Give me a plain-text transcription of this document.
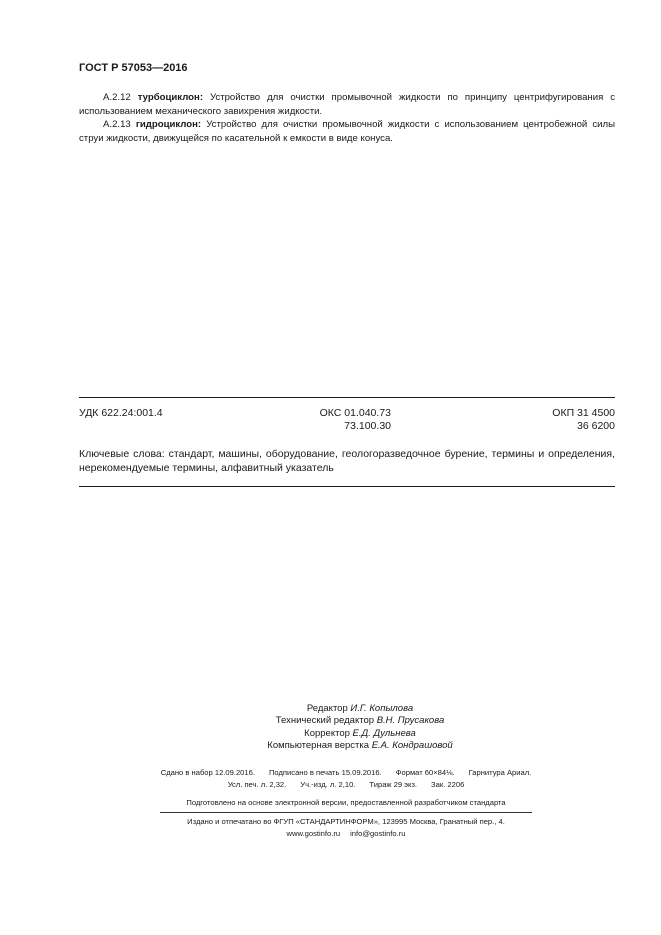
ГОСТ Р 57053—2016
А.2.12 турбоциклон: Устройство для очистки промывочной жидкости по принципу центрифугирования с использованием механического завихрения жидкости.
А.2.13 гидроциклон: Устройство для очистки промывочной жидкости с использованием центробежной силы струи жидкости, движущейся по касательной к емкости в виде конуса.
УДК 622.24:001.4	ОКС 01.040.73
73.100.30
ОКП 31 4500
36 6200
Ключевые слова: стандарт, машины, оборудование, геологоразведочное бурение, термины и определения, нерекомендуемые термины, алфавитный указатель
Редактор И.Г. Копылова
Технический редактор В.Н. Прусакова
Корректор Е.Д. Дульнева
Компьютерная верстка Е.А. Кондрашовой
Сдано в набор 12.09.2016. Подписано в печать 15.09.2016. Формат 60×84⅛. Гарнитура Ариал.
Усл. печ. л. 2,32. Уч.-изд. л. 2,10. Тираж 29 экз. Зак. 2206
Подготовлено на основе электронной версии, предоставленной разработчиком стандарта
Издано и отпечатано во ФГУП «СТАНДАРТИНФОРМ», 123995 Москва, Гранатный пер., 4.
www.gostinfo.ru info@gostinfo.ru
